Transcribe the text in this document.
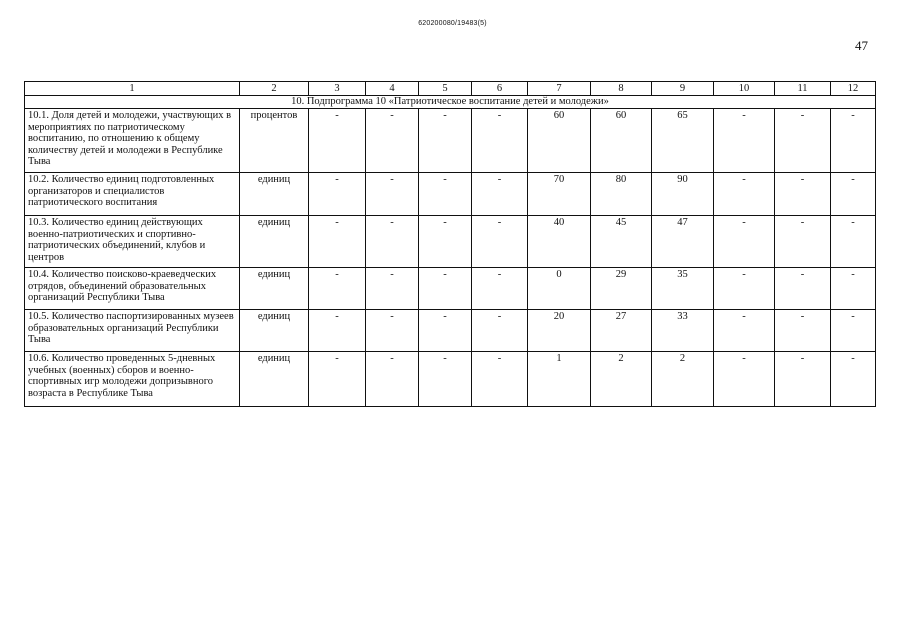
620200080/19483(5)
47
1	2	3	4	5	6	7	8	9	10	11	12
10. Подпрограмма 10 «Патриотическое воспитание детей и молодежи»											
10.1. Доля детей и молодежи, участвующих в мероприятиях по патриотическому воспитанию, по отношению к общему количеству детей и молодежи в Республике Тыва	процентов	-	-	-	-	60	60	65	-	-	-
10.2. Количество единиц подготовленных организаторов и специалистов патриотического воспитания	единиц	-	-	-	-	70	80	90	-	-	-
10.3. Количество единиц действующих военно-патриотических и спортивно-патриотических объединений, клубов и центров	единиц	-	-	-	-	40	45	47	-	-	-
10.4. Количество поисково-краеведческих отрядов, объединений образовательных организаций Республики Тыва	единиц	-	-	-	-	0	29	35	-	-	-
10.5. Количество паспортизированных музеев образовательных организаций Республики Тыва	единиц	-	-	-	-	20	27	33	-	-	-
10.6. Количество проведенных 5-дневных учебных (военных) сборов и военно-спортивных игр молодежи допризывного возраста в Республике Тыва	единиц	-	-	-	-	1	2	2	-	-	-
